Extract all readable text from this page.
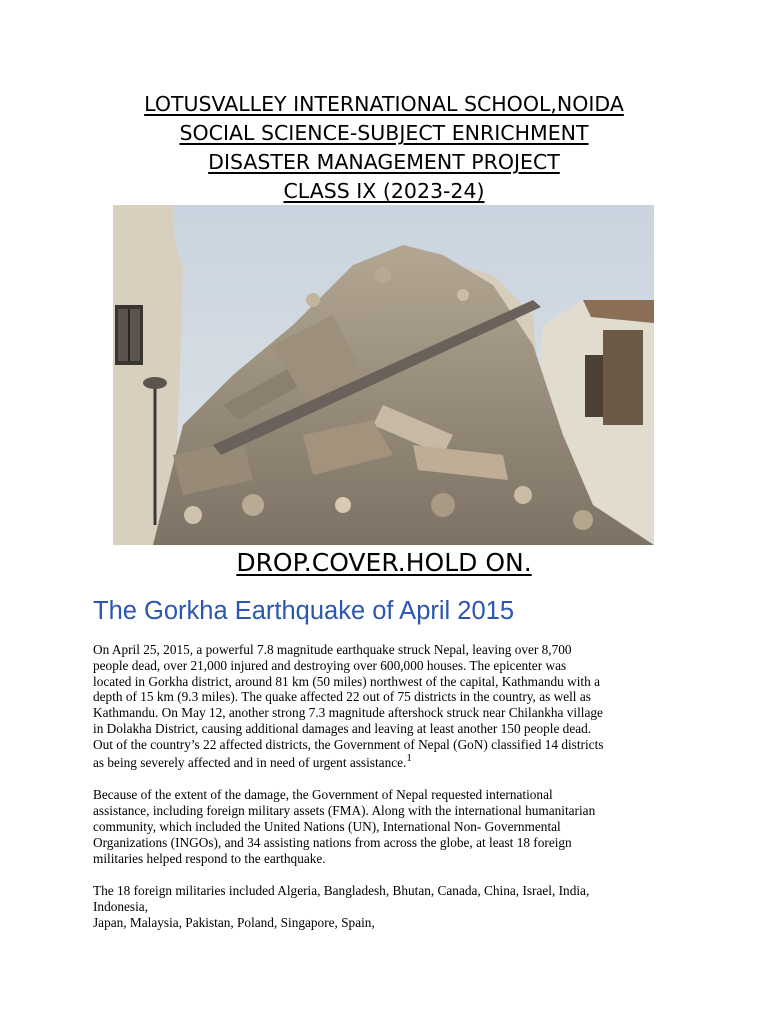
LOTUSVALLEY INTERNATIONAL SCHOOL,NOIDA
SOCIAL SCIENCE-SUBJECT ENRICHMENT
DISASTER MANAGEMENT PROJECT
CLASS IX (2023-24)
DROP.COVER.HOLD ON.
The Gorkha Earthquake of April 2015

On April 25, 2015, a powerful 7.8 magnitude earthquake struck Nepal, leaving over 8,700

people dead, over 21,000 injured and destroying over 600,000 houses. The epicenter was

located in Gorkha district, around 81 km (50 miles) northwest of the capital, Kathmandu with a

depth of 15 km (9.3 miles). The quake affected 22 out of 75 districts in the country, as well as

Kathmandu. On May 12, another strong 7.3 magnitude aftershock struck near Chilankha village

in Dolakha District, causing additional damages and leaving at least another 150 people dead.

Out of the country’s 22 affected districts, the Government of Nepal (GoN) classified 14 districts

as being severely affected and in need of urgent assistance.$^1$

Because of the extent of the damage, the Government of Nepal requested international

assistance, including foreign military assets (FMA). Along with the international humanitarian

community, which included the United Nations (UN), International Non- Governmental

Organizations (INGOs), and 34 assisting nations from across the globe, at least 18 foreign

militaries helped respond to the earthquake.

The 18 foreign militaries included Algeria, Bangladesh, Bhutan, Canada, China, Israel, India,

Indonesia,

Japan, Malaysia, Pakistan, Poland, Singapore, Spain,
